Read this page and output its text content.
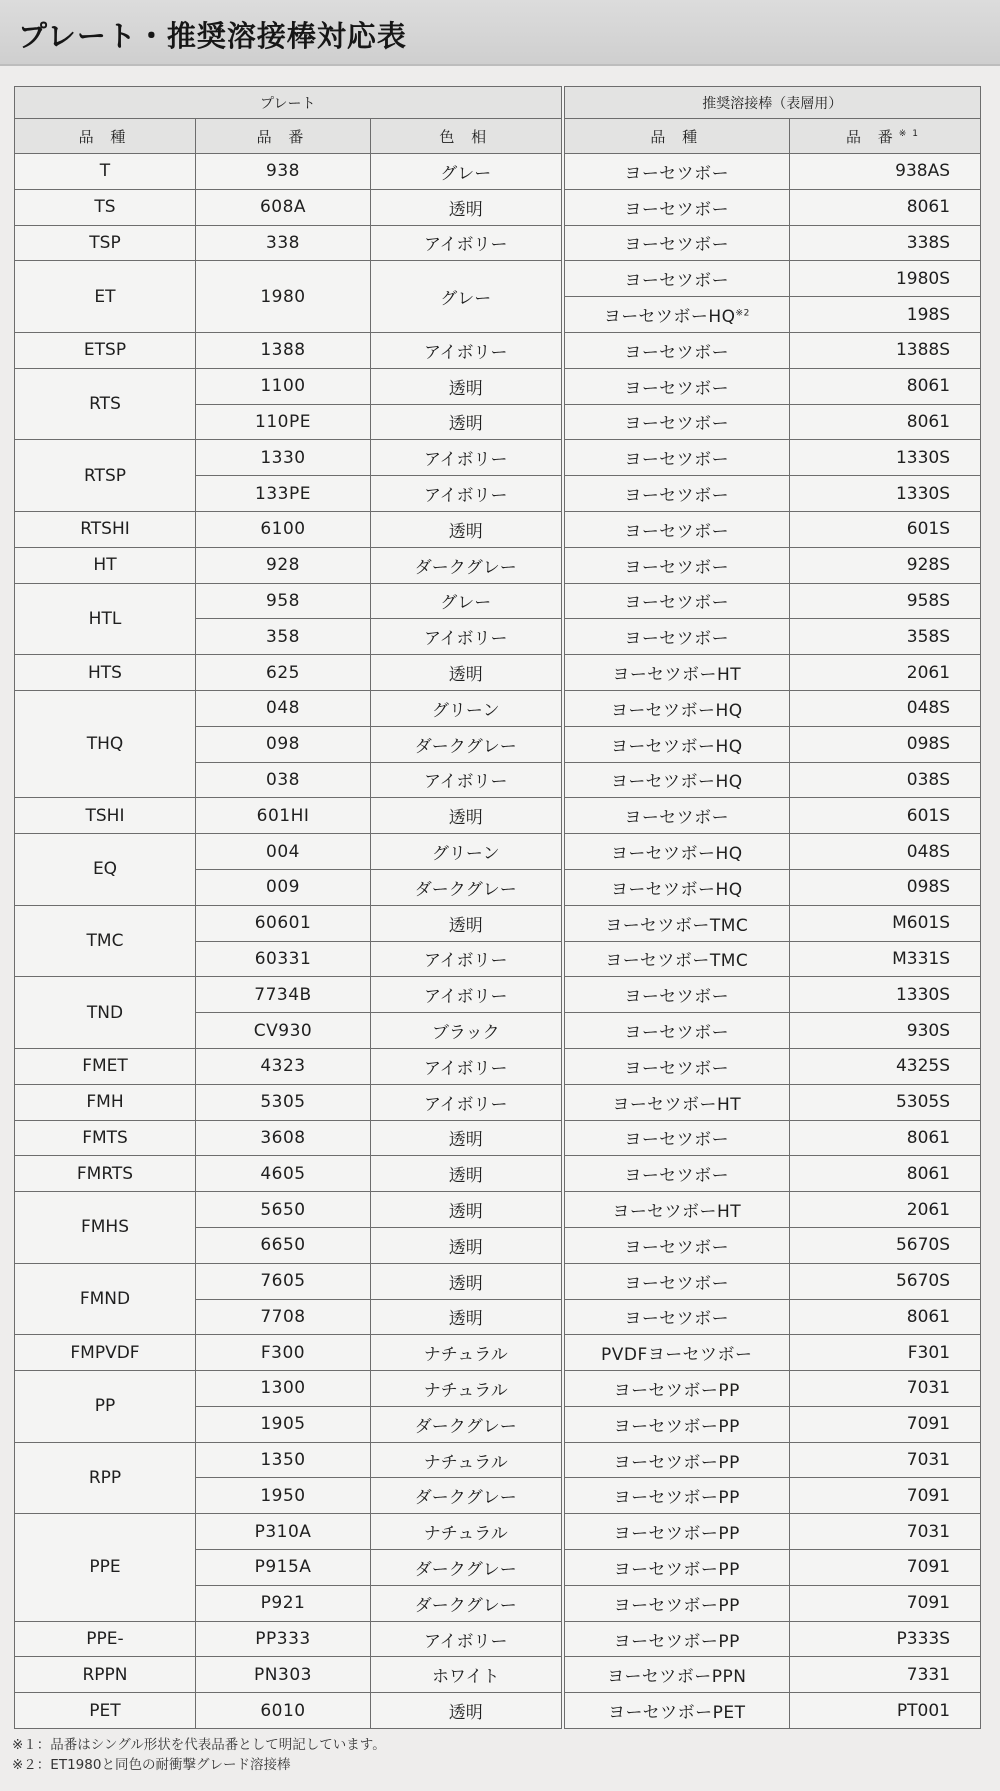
プレート・推奨溶接棒対応表
プレート			推奨溶接棒（表層用）	
品 種	品 番	色 相	品 種	品 番$^{※1}$
T	938	グレー	ヨーセツボー	938AS
TS	608A	透明	ヨーセツボー	8061
TSP	338	アイボリー	ヨーセツボー	338S
ET	1980	グレー	ヨーセツボー	1980S
			ヨーセツボーHQ$^{※2}$	198S
ETSP	1388	アイボリー	ヨーセツボー	1388S
RTS	1100	透明	ヨーセツボー	8061
	110PE	透明	ヨーセツボー	8061
RTSP	1330	アイボリー	ヨーセツボー	1330S
	133PE	アイボリー	ヨーセツボー	1330S
RTSHI	6100	透明	ヨーセツボー	601S
HT	928	ダークグレー	ヨーセツボー	928S
HTL	958	グレー	ヨーセツボー	958S
	358	アイボリー	ヨーセツボー	358S
HTS	625	透明	ヨーセツボーHT	2061
THQ	048	グリーン	ヨーセツボーHQ	048S
	098	ダークグレー	ヨーセツボーHQ	098S
	038	アイボリー	ヨーセツボーHQ	038S
TSHI	601HI	透明	ヨーセツボー	601S
EQ	004	グリーン	ヨーセツボーHQ	048S
	009	ダークグレー	ヨーセツボーHQ	098S
TMC	60601	透明	ヨーセツボーTMC	M601S
	60331	アイボリー	ヨーセツボーTMC	M331S
TND	7734B	アイボリー	ヨーセツボー	1330S
	CV930	ブラック	ヨーセツボー	930S
FMET	4323	アイボリー	ヨーセツボー	4325S
FMH	5305	アイボリー	ヨーセツボーHT	5305S
FMTS	3608	透明	ヨーセツボー	8061
FMRTS	4605	透明	ヨーセツボー	8061
FMHS	5650	透明	ヨーセツボーHT	2061
	6650	透明	ヨーセツボー	5670S
FMND	7605	透明	ヨーセツボー	5670S
	7708	透明	ヨーセツボー	8061
FMPVDF	F300	ナチュラル	PVDFヨーセツボー	F301
PP	1300	ナチュラル	ヨーセツボーPP	7031
	1905	ダークグレー	ヨーセツボーPP	7091
RPP	1350	ナチュラル	ヨーセツボーPP	7031
	1950	ダークグレー	ヨーセツボーPP	7091
PPE	P310A	ナチュラル	ヨーセツボーPP	7031
	P915A	ダークグレー	ヨーセツボーPP	7091
	P921	ダークグレー	ヨーセツボーPP	7091
PPE-	PP333	アイボリー	ヨーセツボーPP	P333S
RPPN	PN303	ホワイト	ヨーセツボーPPN	7331
PET	6010	透明	ヨーセツボーPET	PT001
※１：品番はシングル形状を代表品番として明記しています。
※２：ET1980と同色の耐衝撃グレード溶接棒
